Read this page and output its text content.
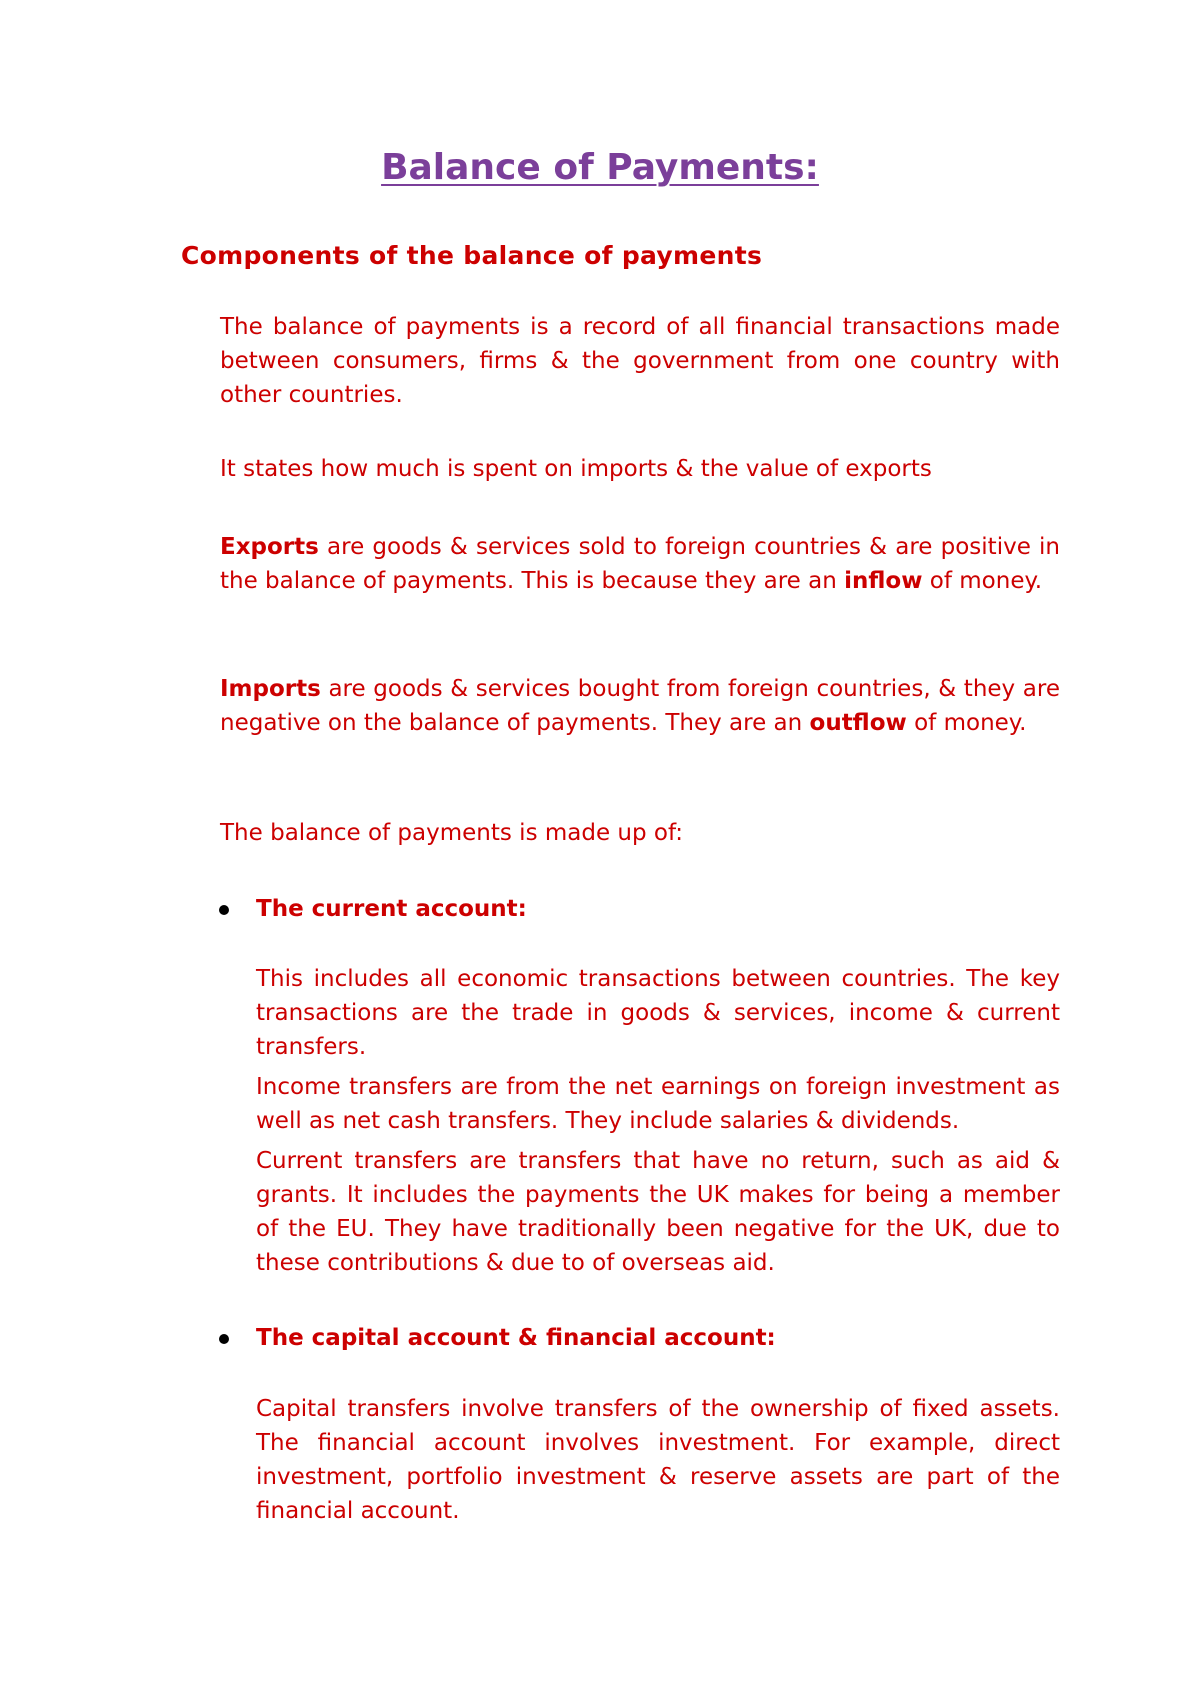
Balance of Payments:
Components of the balance of payments

The balance of payments is a record of all financial transactions made between consumers, firms & the government from one country with other countries.

It states how much is spent on imports & the value of exports

Exports are goods & services sold to foreign countries & are positive in the balance of payments. This is because they are an inflow of money.

Imports are goods & services bought from foreign countries, & they are negative on the balance of payments. They are an outflow of money.

The balance of payments is made up of:

The current account:

This includes all economic transactions between countries. The key transactions are the trade in goods & services, income & current transfers.

Income transfers are from the net earnings on foreign investment as well as net cash transfers. They include salaries & dividends.

Current transfers are transfers that have no return, such as aid & grants. It includes the payments the UK makes for being a member of the EU. They have traditionally been negative for the UK, due to these contributions & due to of overseas aid.

The capital account & financial account:

Capital transfers involve transfers of the ownership of fixed assets. The financial account involves investment. For example, direct investment, portfolio investment & reserve assets are part of the financial account.
